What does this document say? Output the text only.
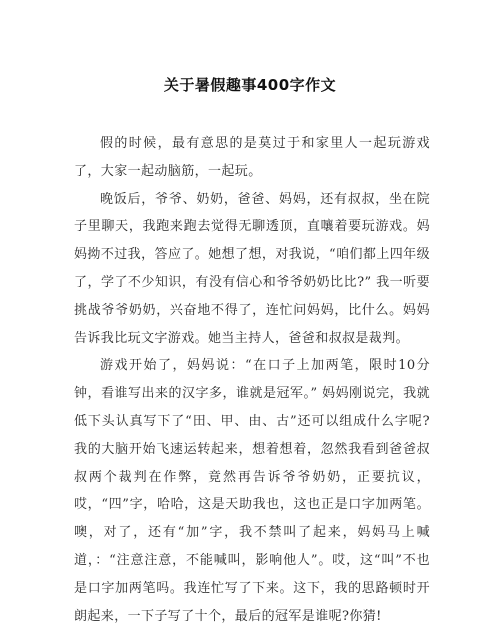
关于暑假趣事400字作文

假的时候，最有意思的是莫过于和家里人一起玩游戏了，大家一起动脑筋，一起玩。

晚饭后，爷爷、奶奶，爸爸、妈妈，还有叔叔，坐在院子里聊天，我跑来跑去觉得无聊透顶，直嚷着要玩游戏。妈妈拗不过我，答应了。她想了想，对我说，“咱们都上四年级了，学了不少知识，有没有信心和爷爷奶奶比比?” 我一听要挑战爷爷奶奶，兴奋地不得了，连忙问妈妈，比什么。妈妈告诉我比玩文字游戏。她当主持人，爸爸和叔叔是裁判。

游戏开始了，妈妈说：“在口子上加两笔，限时10分钟，看谁写出来的汉字多，谁就是冠军。” 妈妈刚说完，我就低下头认真写下了“田、甲、由、古”还可以组成什么字呢?我的大脑开始飞速运转起来，想着想着，忽然我看到爸爸叔叔两个裁判在作弊，竟然再告诉爷爷奶奶，正要抗议，哎，“四”字，哈哈，这是天助我也，这也正是口字加两笔。噢，对了，还有“加”字，我不禁叫了起来，妈妈马上喊道，：“注意注意，不能喊叫，影响他人”。哎，这“叫”不也是口字加两笔吗。我连忙写了下来。这下，我的思路顿时开朗起来，一下子写了十个，最后的冠军是谁呢?你猜!
